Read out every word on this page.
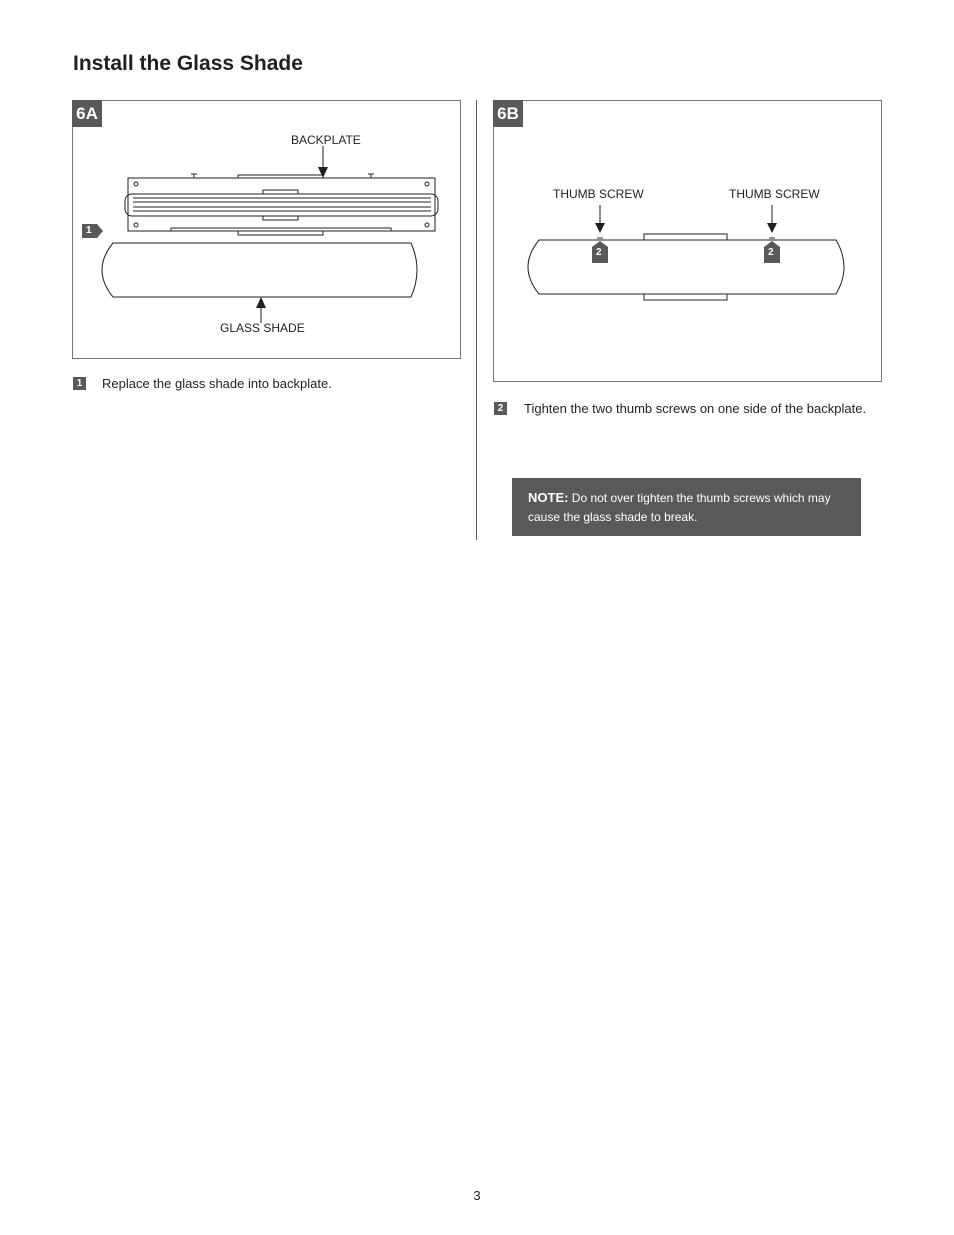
Install the Glass Shade
6A
BACKPLATE
GLASS SHADE
1
6B
THUMB SCREW	THUMB SCREW
2	2
1 Replace the glass shade into backplate.
2 Tighten the two thumb screws on one side of the backplate.
NOTE: Do not over tighten the thumb screws which may cause the glass shade to break.
3
